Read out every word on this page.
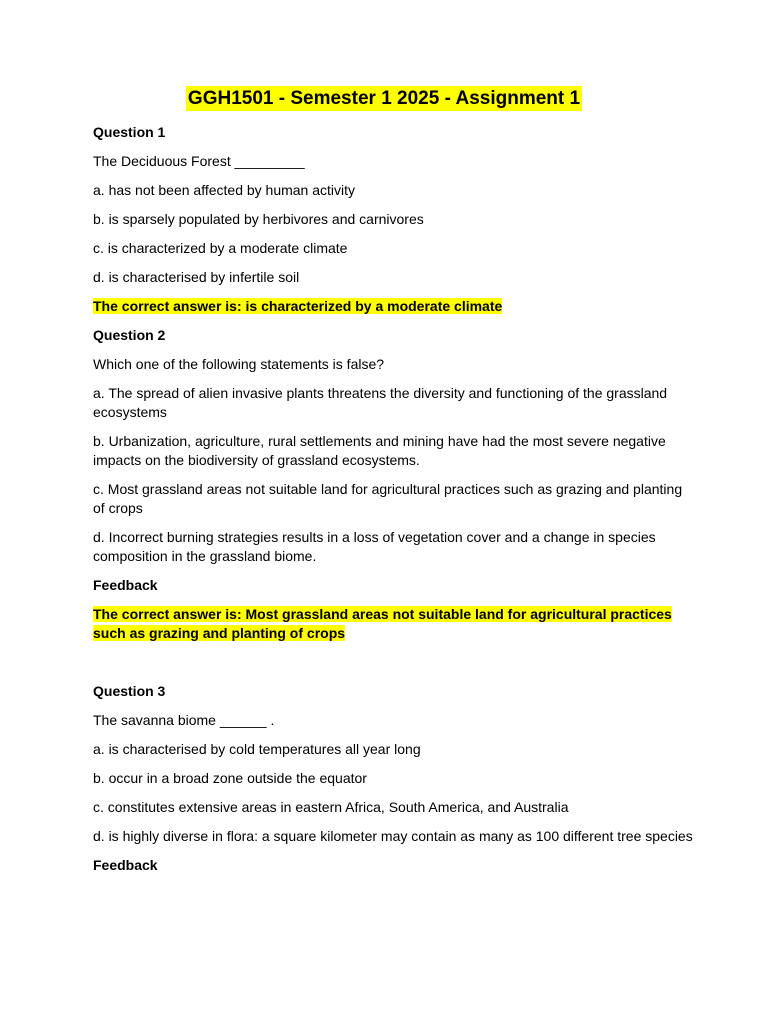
GGH1501 - Semester 1 2025 - Assignment 1
Question 1
The Deciduous Forest _________
a. has not been affected by human activity
b. is sparsely populated by herbivores and carnivores
c. is characterized by a moderate climate
d. is characterised by infertile soil
The correct answer is: is characterized by a moderate climate
Question 2
Which one of the following statements is false?
a. The spread of alien invasive plants threatens the diversity and functioning of the grassland ecosystems
b. Urbanization, agriculture, rural settlements and mining have had the most severe negative impacts on the biodiversity of grassland ecosystems.
c. Most grassland areas not suitable land for agricultural practices such as grazing and planting of crops
d. Incorrect burning strategies results in a loss of vegetation cover and a change in species composition in the grassland biome.
Feedback
The correct answer is: Most grassland areas not suitable land for agricultural practices such as grazing and planting of crops
Question 3
The savanna biome ______ .
a. is characterised by cold temperatures all year long
b. occur in a broad zone outside the equator
c. constitutes extensive areas in eastern Africa, South America, and Australia
d. is highly diverse in flora: a square kilometer may contain as many as 100 different tree species
Feedback
